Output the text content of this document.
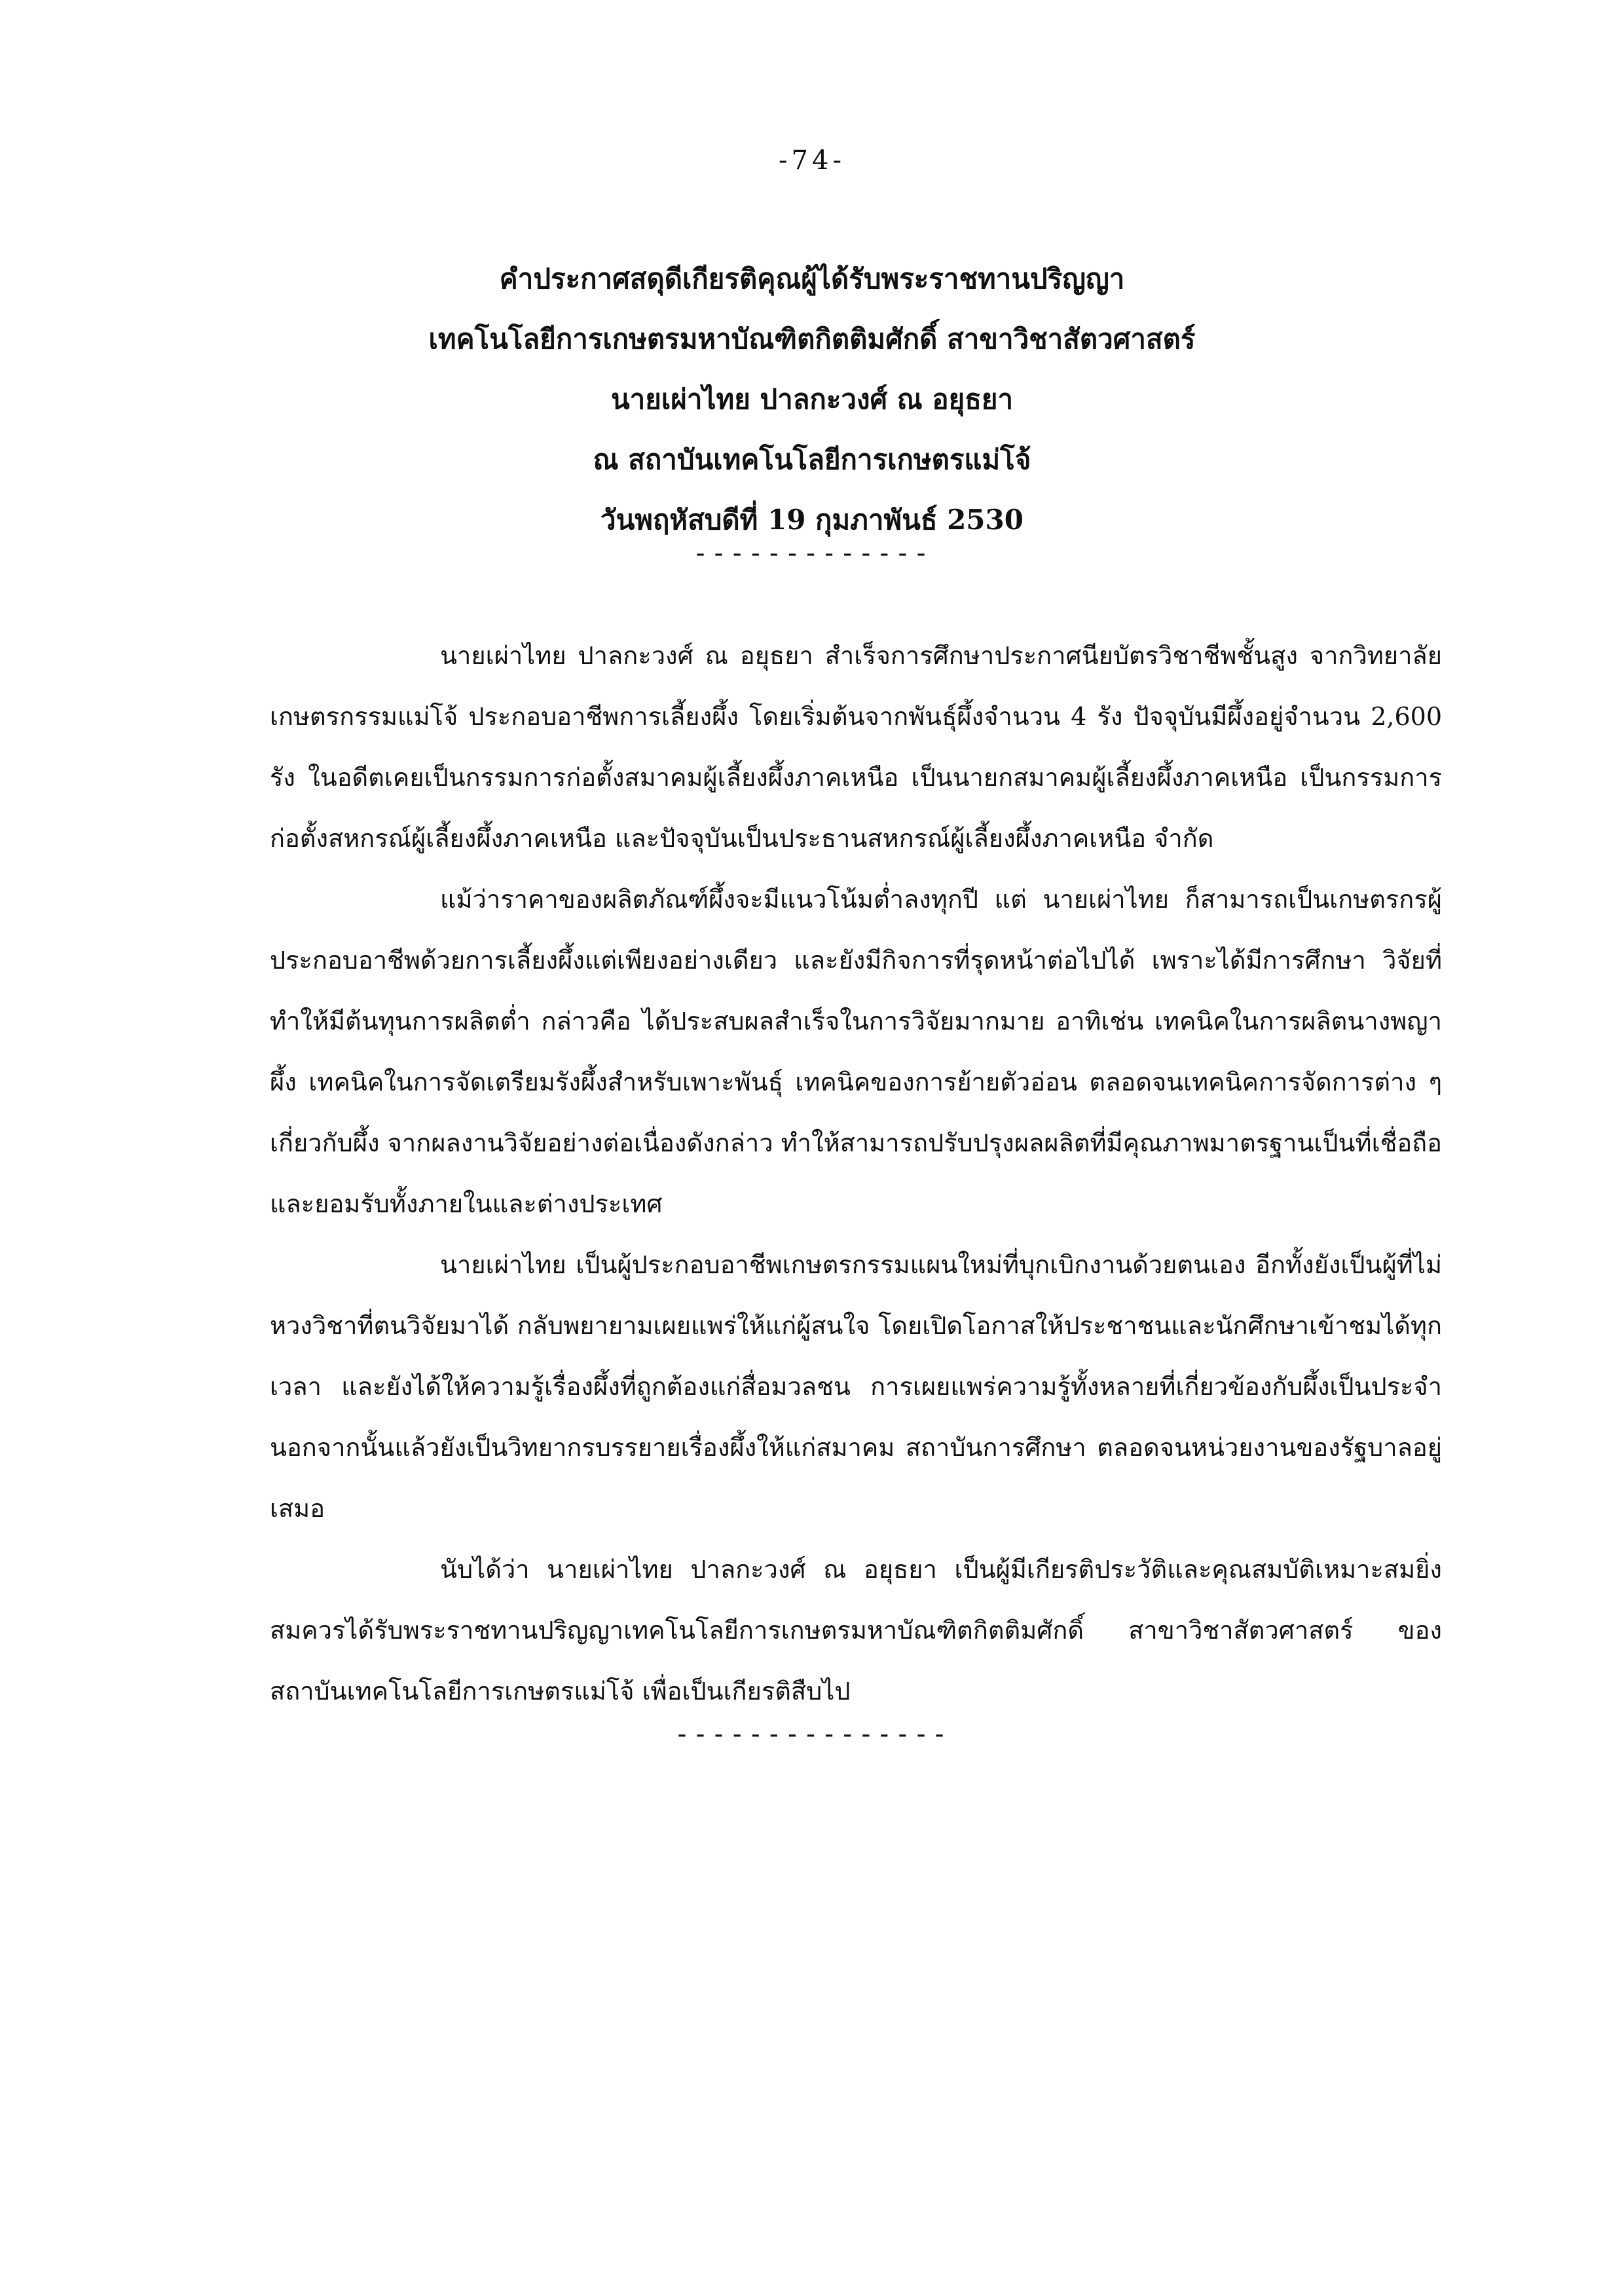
-74-
คำประกาศสดุดีเกียรติคุณผู้ได้รับพระราชทานปริญญา
เทคโนโลยีการเกษตรมหาบัณฑิตกิตติมศักดิ์ สาขาวิชาสัตวศาสตร์
นายเผ่าไทย ปาลกะวงศ์ ณ อยุธยา
ณ สถาบันเทคโนโลยีการเกษตรแม่โจ้
วันพฤหัสบดีที่ 19 กุมภาพันธ์ 2530
-------------

นายเผ่าไทย ปาลกะวงศ์ ณ อยุธยา สำเร็จการศึกษาประกาศนียบัตรวิชาชีพชั้นสูง จากวิทยาลัยเกษตรกรรมแม่โจ้ ประกอบอาชีพการเลี้ยงผึ้ง โดยเริ่มต้นจากพันธุ์ผึ้งจำนวน 4 รัง ปัจจุบันมีผึ้งอยู่จำนวน 2,600 รัง ในอดีตเคยเป็นกรรมการก่อตั้งสมาคมผู้เลี้ยงผึ้งภาคเหนือ เป็นนายกสมาคมผู้เลี้ยงผึ้งภาคเหนือ เป็นกรรมการก่อตั้งสหกรณ์ผู้เลี้ยงผึ้งภาคเหนือ และปัจจุบันเป็นประธานสหกรณ์ผู้เลี้ยงผึ้งภาคเหนือ จำกัด

แม้ว่าราคาของผลิตภัณฑ์ผึ้งจะมีแนวโน้มต่ำลงทุกปี แต่ นายเผ่าไทย ก็สามารถเป็นเกษตรกรผู้ประกอบอาชีพด้วยการเลี้ยงผึ้งแต่เพียงอย่างเดียว และยังมีกิจการที่รุดหน้าต่อไปได้ เพราะได้มีการศึกษา วิจัยที่ทำให้มีต้นทุนการผลิตต่ำ กล่าวคือ ได้ประสบผลสำเร็จในการวิจัยมากมาย อาทิเช่น เทคนิคในการผลิตนางพญาผึ้ง เทคนิคในการจัดเตรียมรังผึ้งสำหรับเพาะพันธุ์ เทคนิคของการย้ายตัวอ่อน ตลอดจนเทคนิคการจัดการต่าง ๆ เกี่ยวกับผึ้ง จากผลงานวิจัยอย่างต่อเนื่องดังกล่าว ทำให้สามารถปรับปรุงผลผลิตที่มีคุณภาพมาตรฐานเป็นที่เชื่อถือและยอมรับทั้งภายในและต่างประเทศ

นายเผ่าไทย เป็นผู้ประกอบอาชีพเกษตรกรรมแผนใหม่ที่บุกเบิกงานด้วยตนเอง อีกทั้งยังเป็นผู้ที่ไม่หวงวิชาที่ตนวิจัยมาได้ กลับพยายามเผยแพร่ให้แก่ผู้สนใจ โดยเปิดโอกาสให้ประชาชนและนักศึกษาเข้าชมได้ทุกเวลา และยังได้ให้ความรู้เรื่องผึ้งที่ถูกต้องแก่สื่อมวลชน การเผยแพร่ความรู้ทั้งหลายที่เกี่ยวข้องกับผึ้งเป็นประจำ นอกจากนั้นแล้วยังเป็นวิทยากรบรรยายเรื่องผึ้งให้แก่สมาคม สถาบันการศึกษา ตลอดจนหน่วยงานของรัฐบาลอยู่เสมอ

นับได้ว่า นายเผ่าไทย ปาลกะวงศ์ ณ อยุธยา เป็นผู้มีเกียรติประวัติและคุณสมบัติเหมาะสมยิ่งสมควรได้รับพระราชทานปริญญาเทคโนโลยีการเกษตรมหาบัณฑิตกิตติมศักดิ์ สาขาวิชาสัตวศาสตร์ ของสถาบันเทคโนโลยีการเกษตรแม่โจ้ เพื่อเป็นเกียรติสืบไป

---------------
